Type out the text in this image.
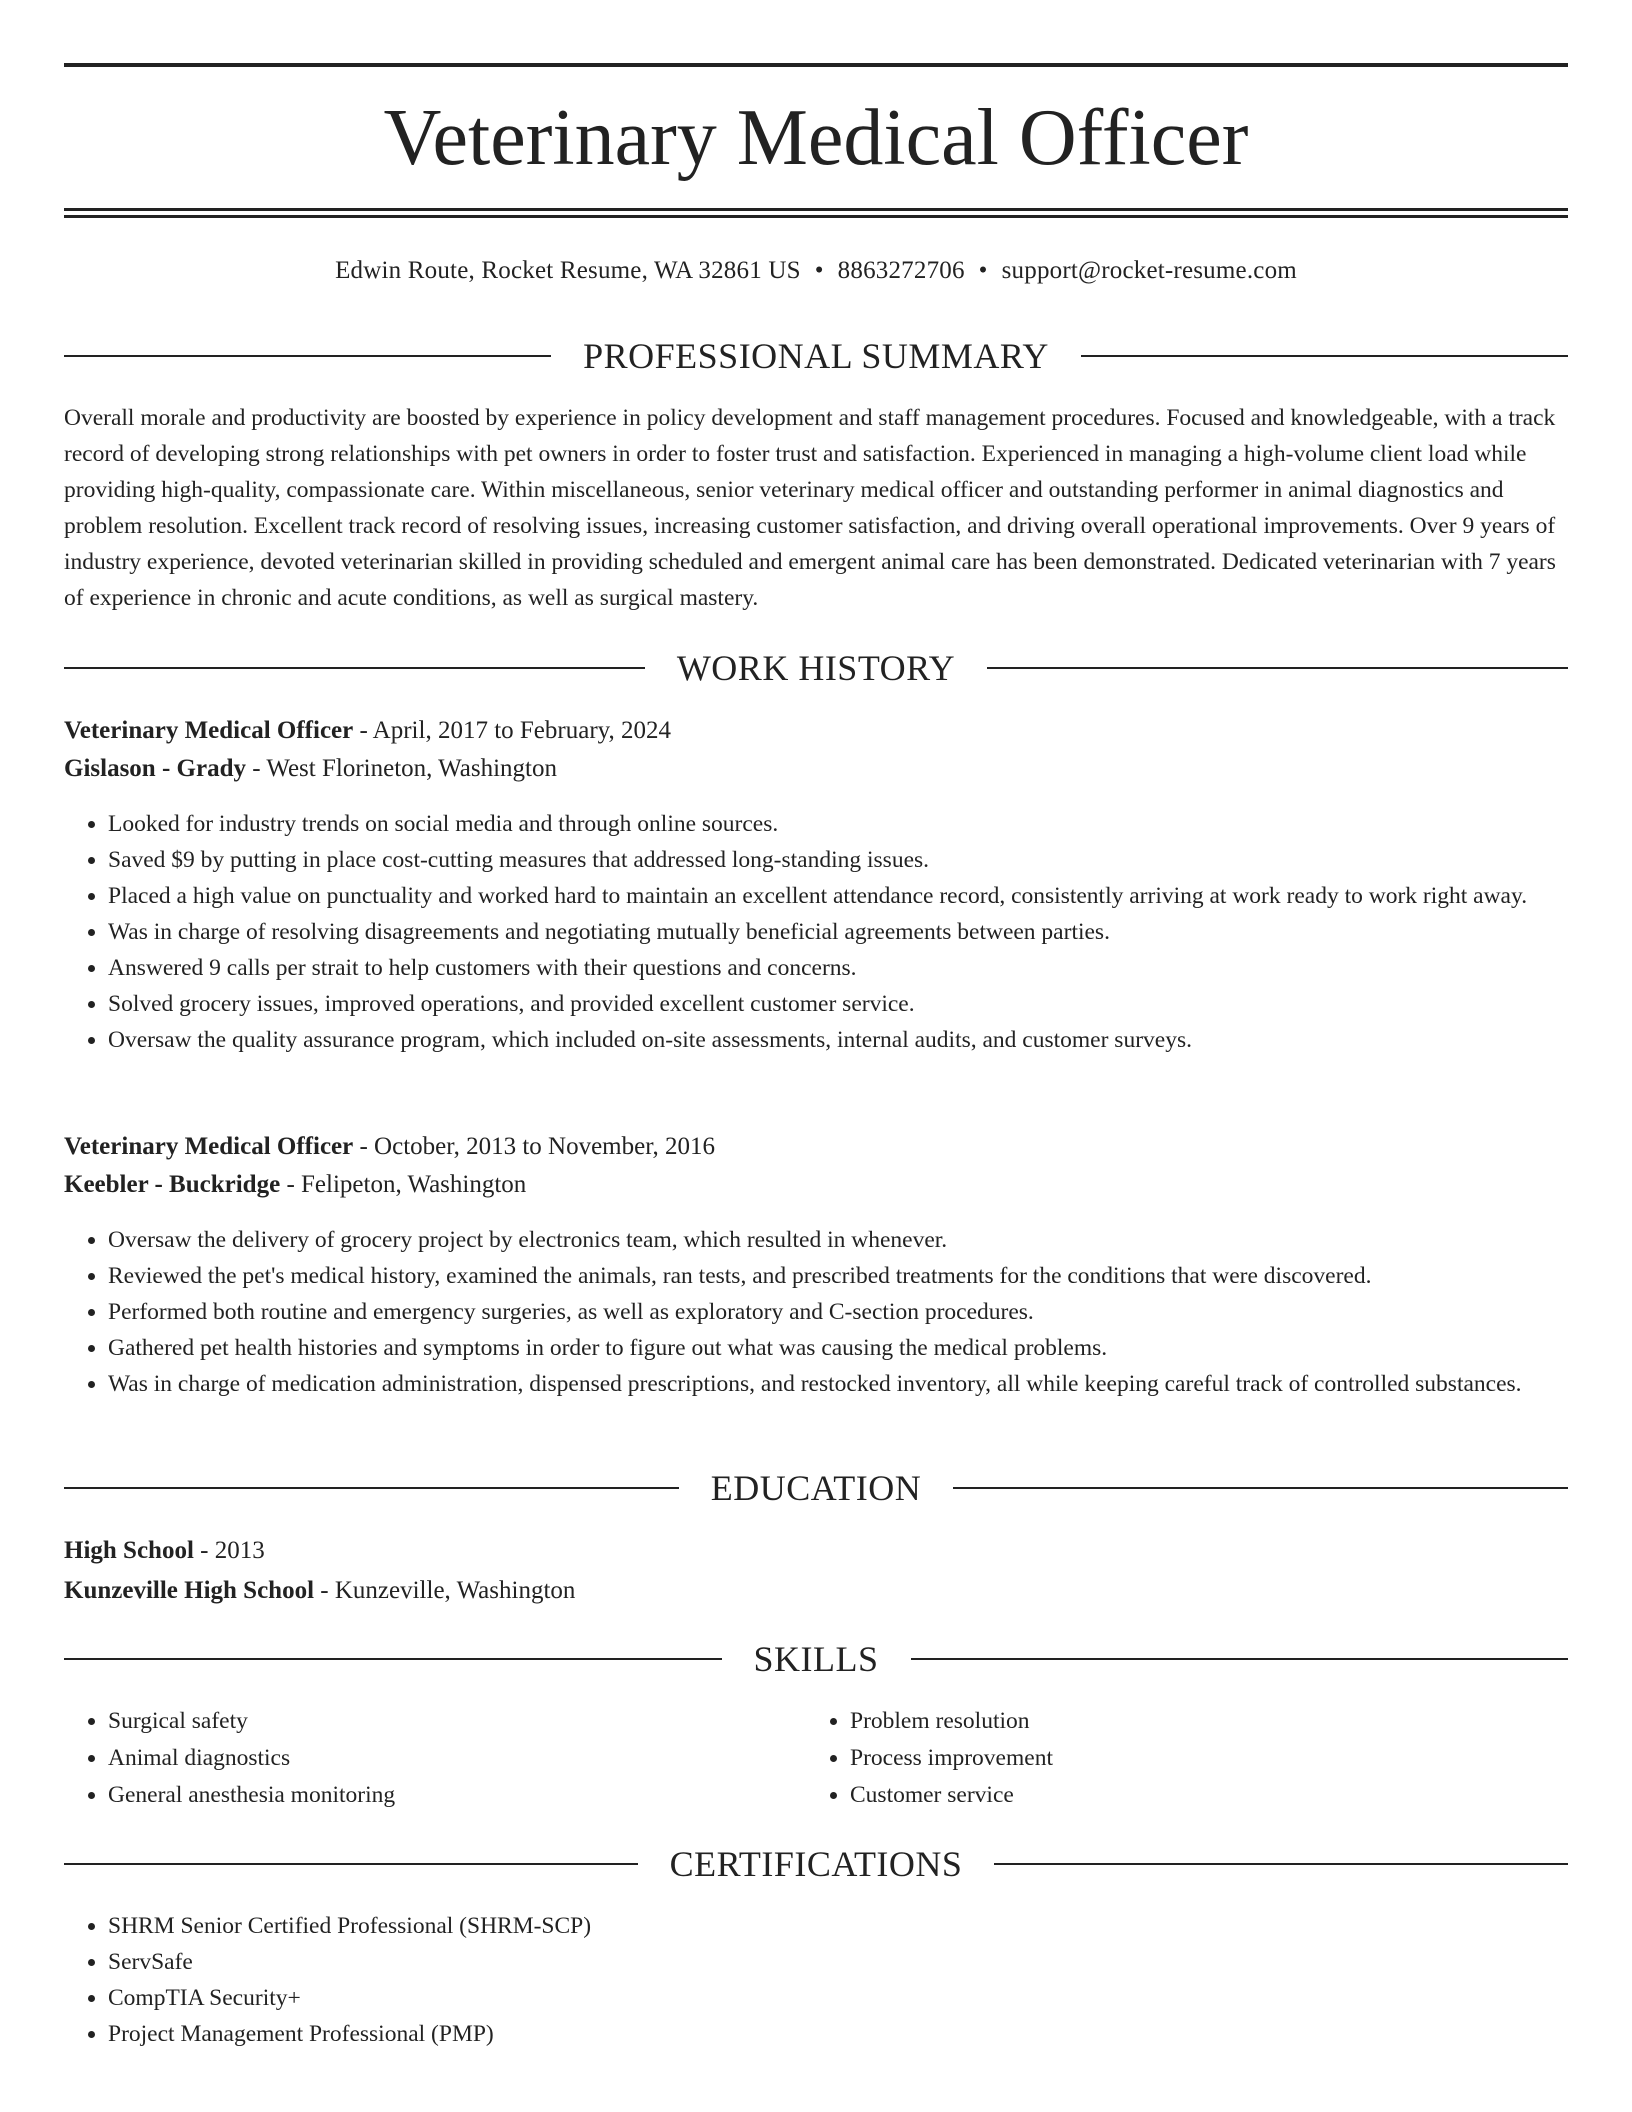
Veterinary Medical Officer
Edwin Route, Rocket Resume, WA 32861 US • 8863272706 • support@rocket-resume.com
PROFESSIONAL SUMMARY

Overall morale and productivity are boosted by experience in policy development and staff management procedures. Focused and knowledgeable, with a track record of developing strong relationships with pet owners in order to foster trust and satisfaction. Experienced in managing a high-volume client load while providing high-quality, compassionate care. Within miscellaneous, senior veterinary medical officer and outstanding performer in animal diagnostics and problem resolution. Excellent track record of resolving issues, increasing customer satisfaction, and driving overall operational improvements. Over 9 years of industry experience, devoted veterinarian skilled in providing scheduled and emergent animal care has been demonstrated. Dedicated veterinarian with 7 years of experience in chronic and acute conditions, as well as surgical mastery.

WORK HISTORY
Veterinary Medical Officer - April, 2017 to February, 2024
Gislason - Grady - West Florineton, Washington
• Looked for industry trends on social media and through online sources.
• Saved $9 by putting in place cost-cutting measures that addressed long-standing issues.
• Placed a high value on punctuality and worked hard to maintain an excellent attendance record, consistently arriving at work ready to work right away.
• Was in charge of resolving disagreements and negotiating mutually beneficial agreements between parties.
• Answered 9 calls per strait to help customers with their questions and concerns.
• Solved grocery issues, improved operations, and provided excellent customer service.
• Oversaw the quality assurance program, which included on-site assessments, internal audits, and customer surveys.
Veterinary Medical Officer - October, 2013 to November, 2016
Keebler - Buckridge - Felipeton, Washington
• Oversaw the delivery of grocery project by electronics team, which resulted in whenever.
• Reviewed the pet's medical history, examined the animals, ran tests, and prescribed treatments for the conditions that were discovered.
• Performed both routine and emergency surgeries, as well as exploratory and C-section procedures.
• Gathered pet health histories and symptoms in order to figure out what was causing the medical problems.
• Was in charge of medication administration, dispensed prescriptions, and restocked inventory, all while keeping careful track of controlled substances.
EDUCATION
High School - 2013
Kunzeville High School - Kunzeville, Washington
SKILLS
• Surgical safety
• Animal diagnostics
• General anesthesia monitoring
• Problem resolution
• Process improvement
• Customer service
CERTIFICATIONS
• SHRM Senior Certified Professional (SHRM-SCP)
• ServSafe
• CompTIA Security+
• Project Management Professional (PMP)
